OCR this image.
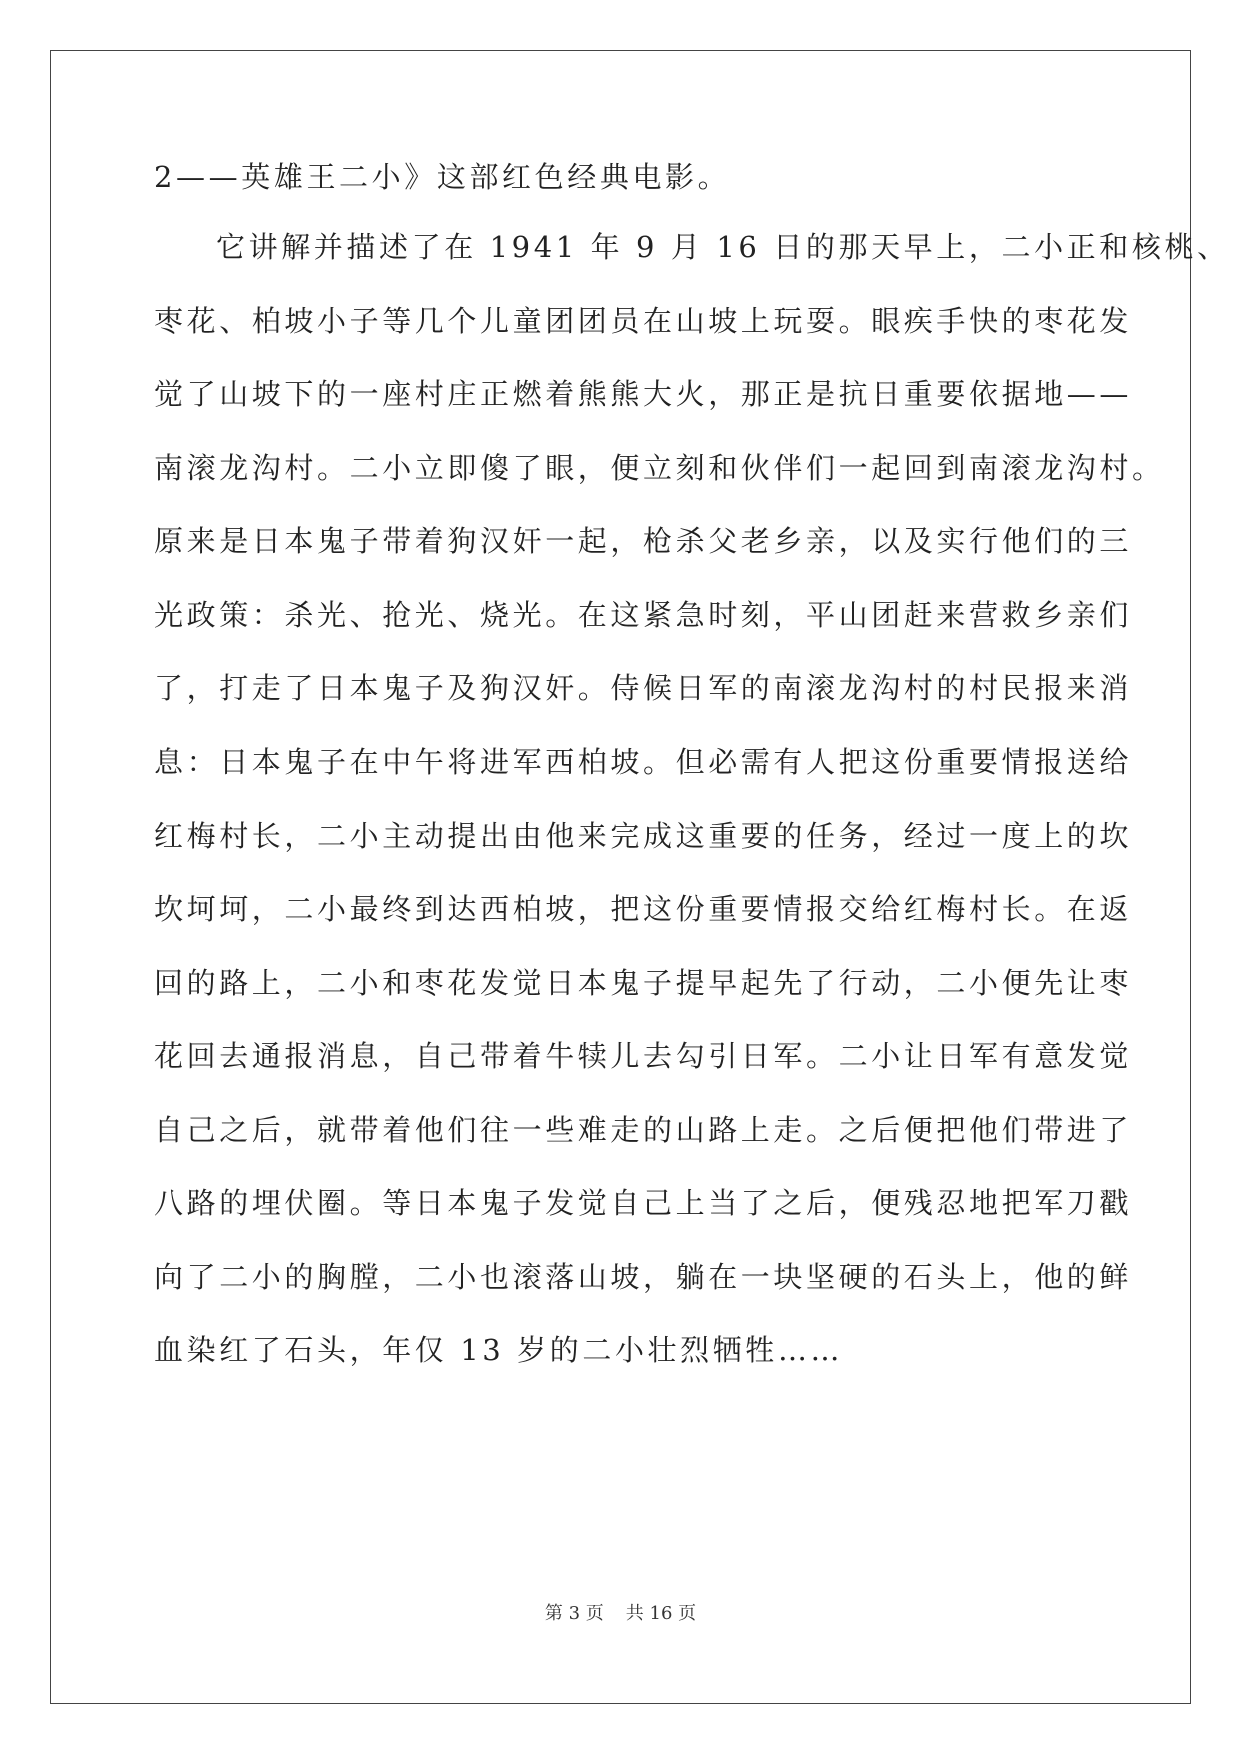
2——英雄王二小》这部红色经典电影。
它讲解并描述了在 1941 年 9 月 16 日的那天早上，二小正和核桃、
枣花、柏坡小子等几个儿童团团员在山坡上玩耍。眼疾手快的枣花发
觉了山坡下的一座村庄正燃着熊熊大火，那正是抗日重要依据地——
南滚龙沟村。二小立即傻了眼，便立刻和伙伴们一起回到南滚龙沟村。
原来是日本鬼子带着狗汉奸一起，枪杀父老乡亲，以及实行他们的三
光政策：杀光、抢光、烧光。在这紧急时刻，平山团赶来营救乡亲们
了，打走了日本鬼子及狗汉奸。侍候日军的南滚龙沟村的村民报来消
息：日本鬼子在中午将进军西柏坡。但必需有人把这份重要情报送给
红梅村长，二小主动提出由他来完成这重要的任务，经过一度上的坎
坎坷坷，二小最终到达西柏坡，把这份重要情报交给红梅村长。在返
回的路上，二小和枣花发觉日本鬼子提早起先了行动，二小便先让枣
花回去通报消息，自己带着牛犊儿去勾引日军。二小让日军有意发觉
自己之后，就带着他们往一些难走的山路上走。之后便把他们带进了
八路的埋伏圈。等日本鬼子发觉自己上当了之后，便残忍地把军刀戳
向了二小的胸膛，二小也滚落山坡，躺在一块坚硬的石头上，他的鲜
血染红了石头，年仅 13 岁的二小壮烈牺牲……
第 3 页 共 16 页
